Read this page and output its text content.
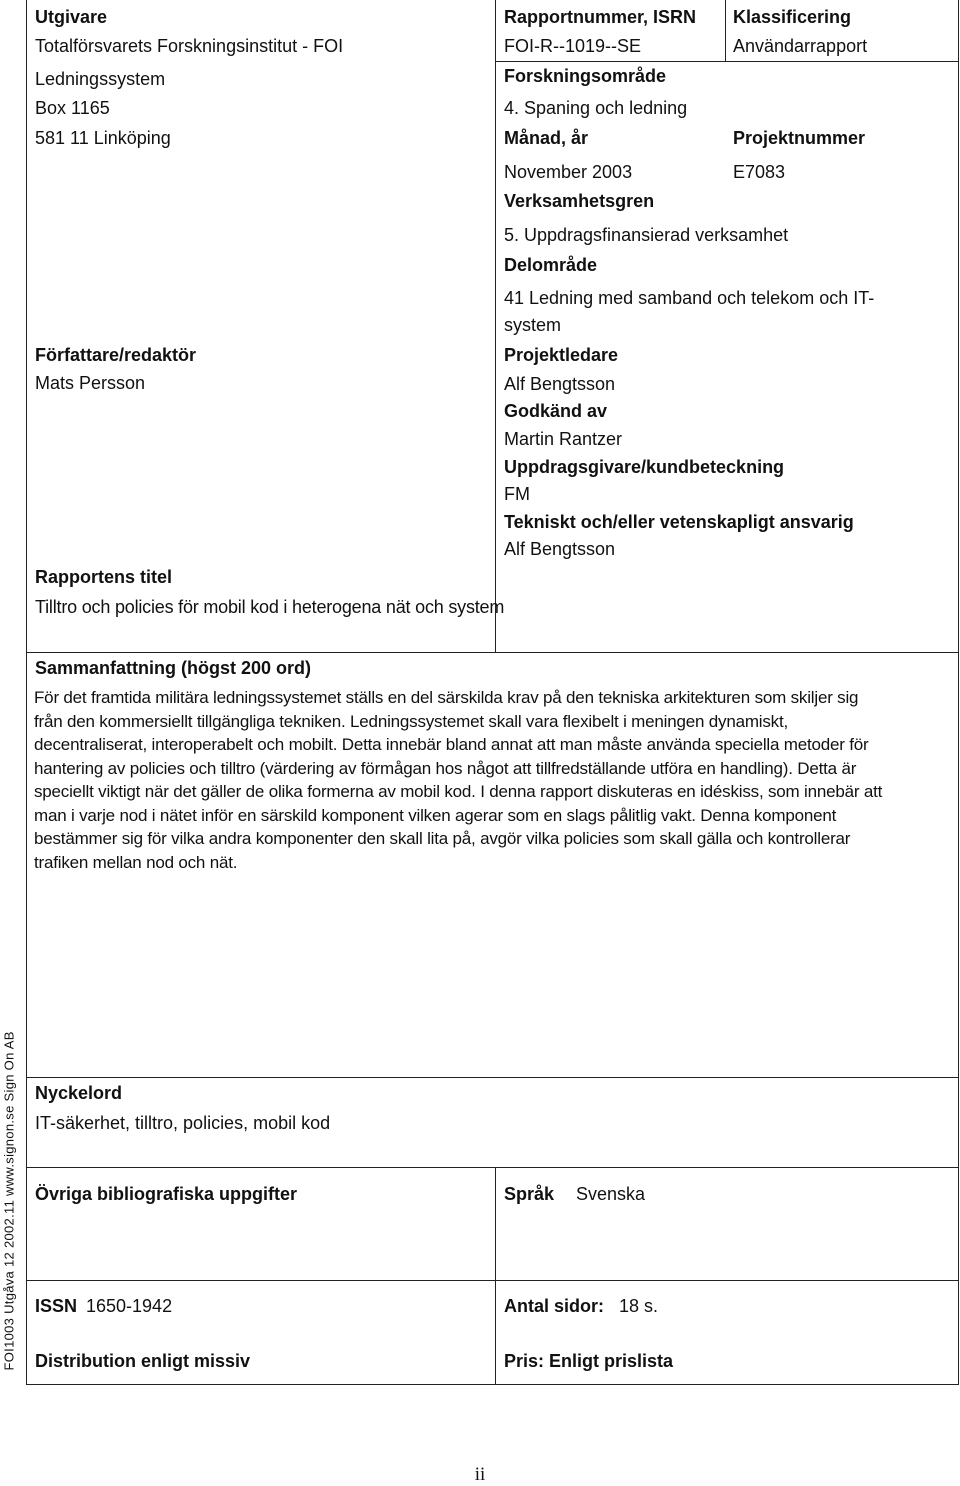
Utgivare
Totalförsvarets Forskningsinstitut - FOI
Ledningssystem
Box 1165
581 11 Linköping
Rapportnummer, ISRN
FOI-R--1019--SE
Klassificering
Användarrapport
Forskningsområde
4. Spaning och ledning
Månad, år	Projektnummer
November 2003	E7083
Verksamhetsgren
5. Uppdragsfinansierad verksamhet
Delområde
41 Ledning med samband och telekom och IT-
system
Författare/redaktör
Mats Persson
Projektledare
Alf Bengtsson
Godkänd av
Martin Rantzer
Uppdragsgivare/kundbeteckning
FM
Tekniskt och/eller vetenskapligt ansvarig
Alf Bengtsson
Rapportens titel
Tilltro och policies för mobil kod i heterogena nät och system
Sammanfattning (högst 200 ord)
För det framtida militära ledningssystemet ställs en del särskilda krav på den tekniska arkitekturen som skiljer sig
från den kommersiellt tillgängliga tekniken. Ledningssystemet skall vara flexibelt i meningen dynamiskt,
decentraliserat, interoperabelt och mobilt. Detta innebär bland annat att man måste använda speciella metoder för
hantering av policies och tilltro (värdering av förmågan hos något att tillfredställande utföra en handling). Detta är
speciellt viktigt när det gäller de olika formerna av mobil kod. I denna rapport diskuteras en idéskiss, som innebär att
man i varje nod i nätet inför en särskild komponent vilken agerar som en slags pålitlig vakt. Denna komponent
bestämmer sig för vilka andra komponenter den skall lita på, avgör vilka policies som skall gälla och kontrollerar
trafiken mellan nod och nät.
Nyckelord
IT-säkerhet, tilltro, policies, mobil kod
Övriga bibliografiska uppgifter	Språk Svenska
ISSN 1650-1942	Antal sidor: 18 s.
Distribution enligt missiv	Pris: Enligt prislista
FOI1003 Utgåva 12 2002.11 www.signon.se Sign On AB
ii
